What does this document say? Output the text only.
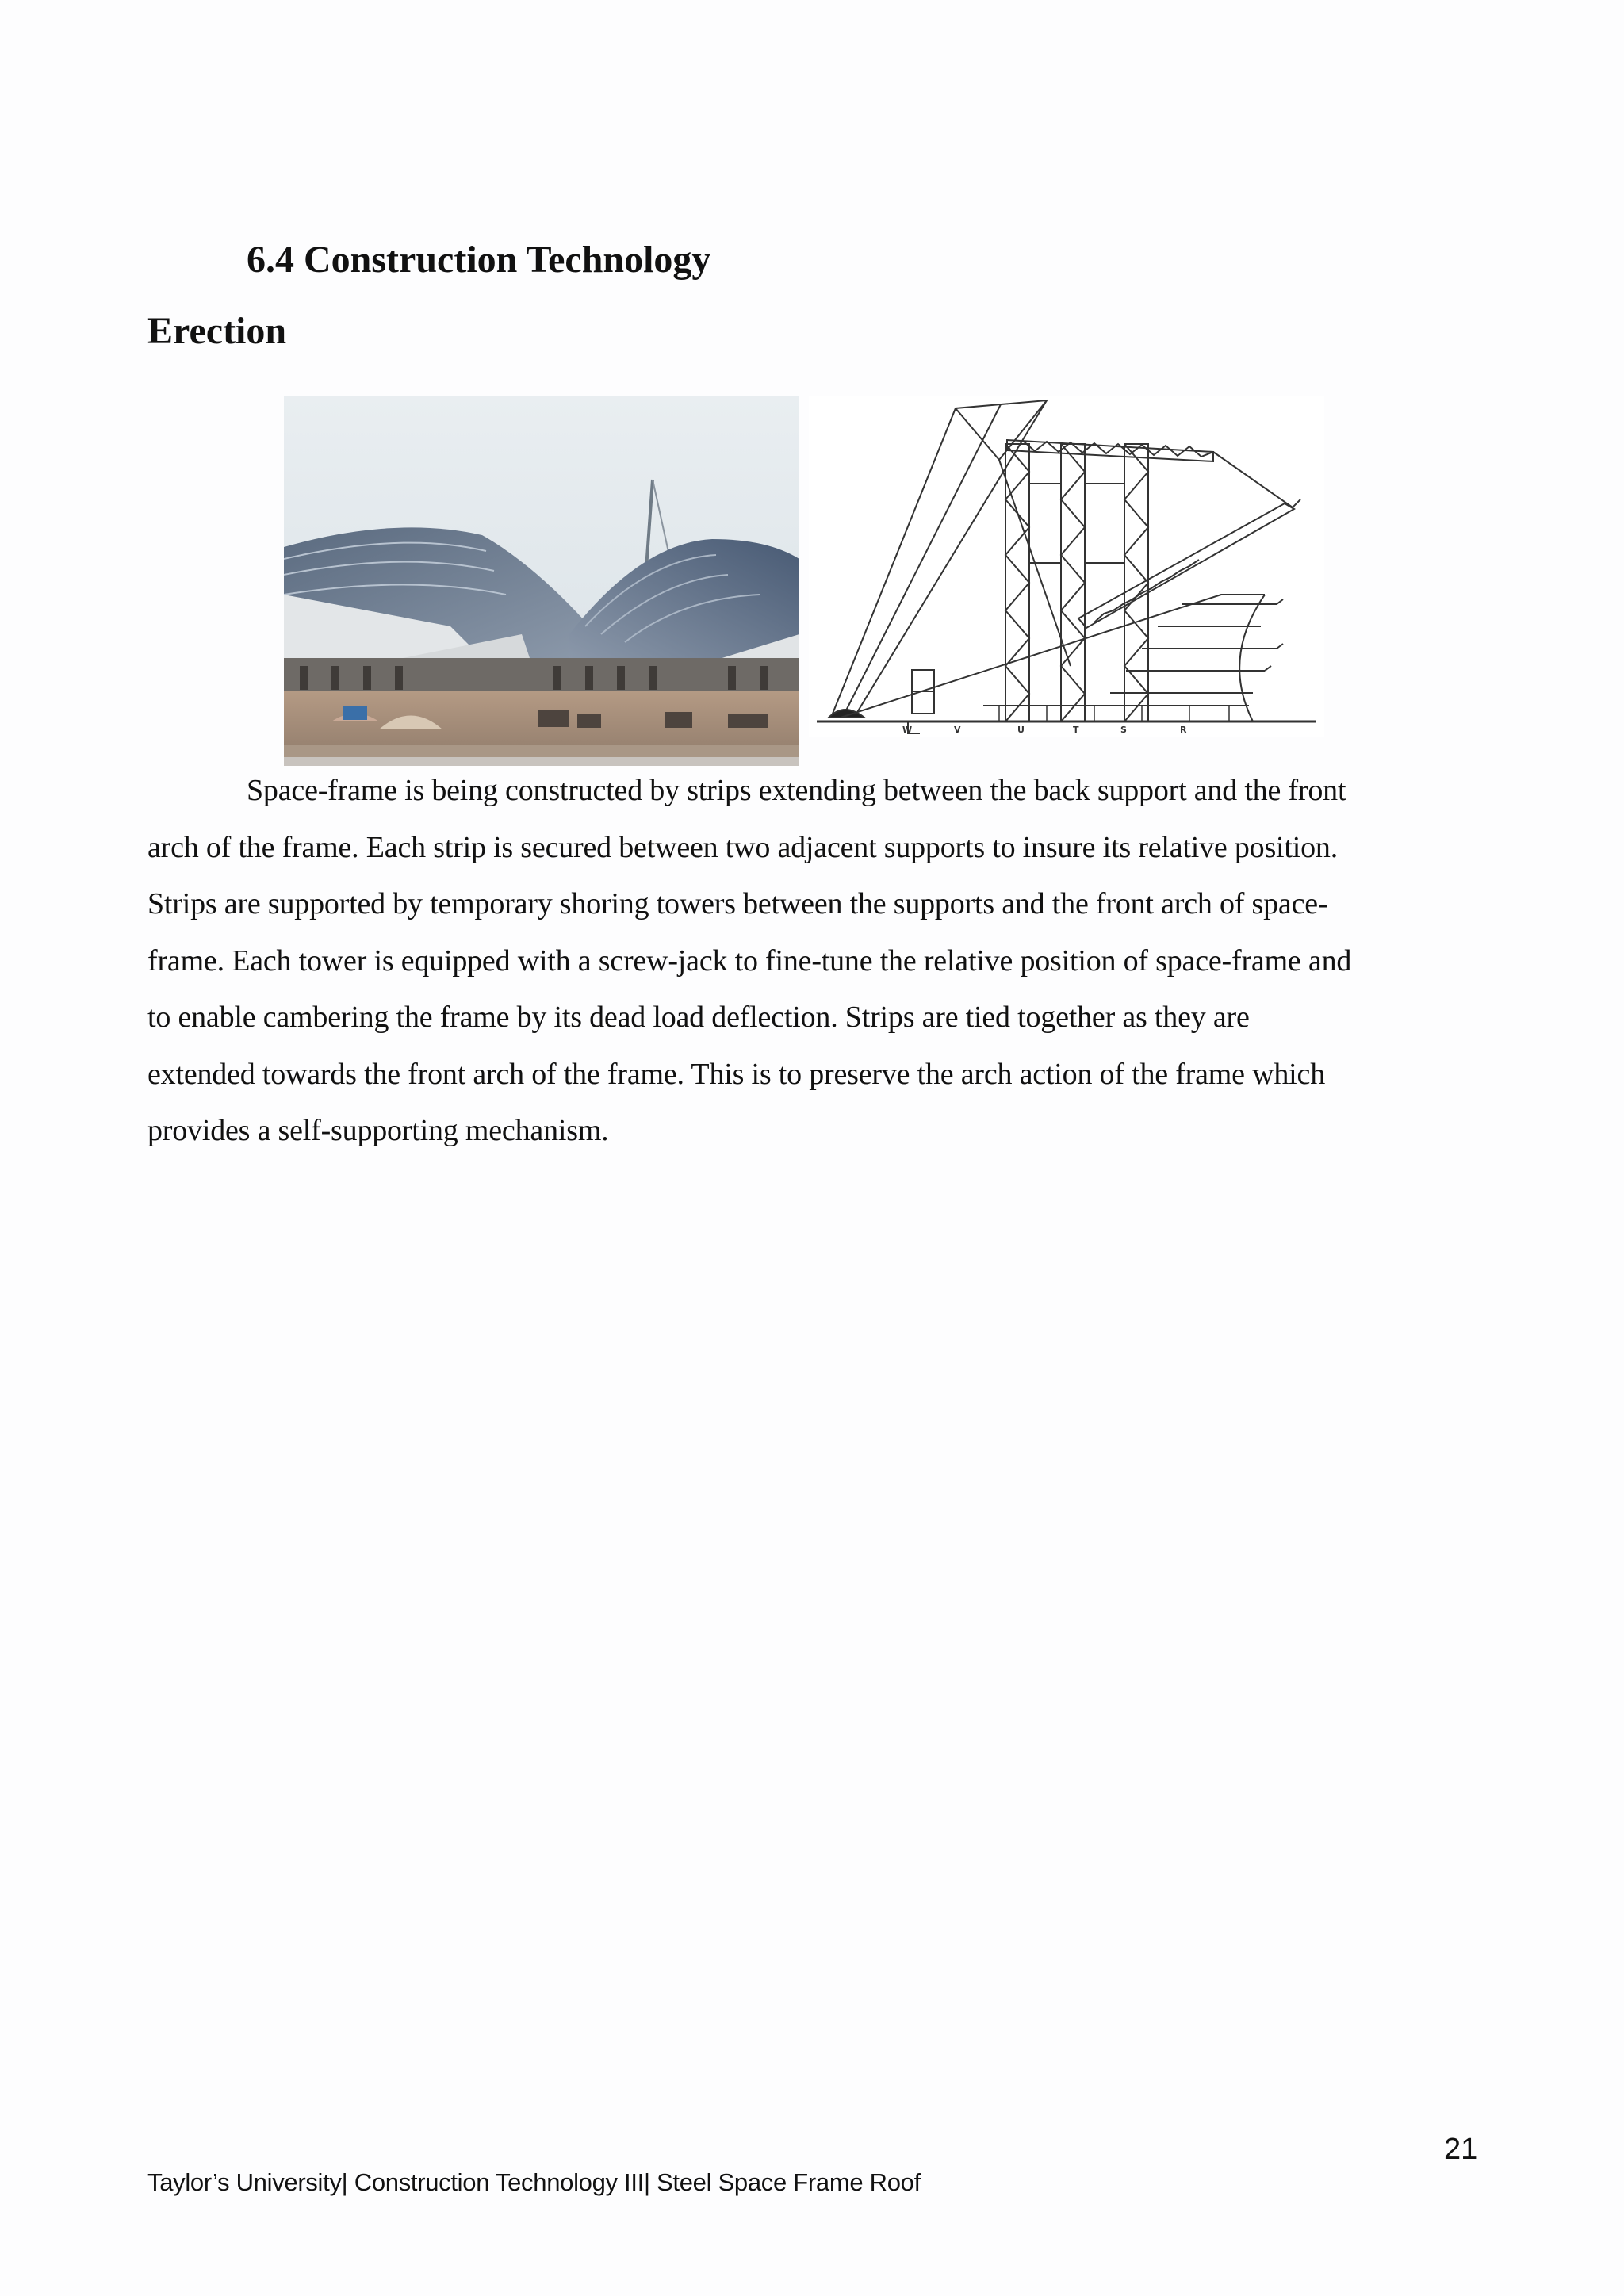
6.4 Construction Technology
Erection
W	V	U	T	S	R
Space-frame is being constructed by strips extending between the back support and the front
arch of the frame. Each strip is secured between two adjacent supports to insure its relative position.
Strips are supported by temporary shoring towers between the supports and the front arch of space-
frame. Each tower is equipped with a screw-jack to fine-tune the relative position of space-frame and
to enable cambering the frame by its dead load deflection. Strips are tied together as they are
extended towards the front arch of the frame. This is to preserve the arch action of the frame which
provides a self-supporting mechanism.
21
Taylor’s University| Construction Technology III| Steel Space Frame Roof
